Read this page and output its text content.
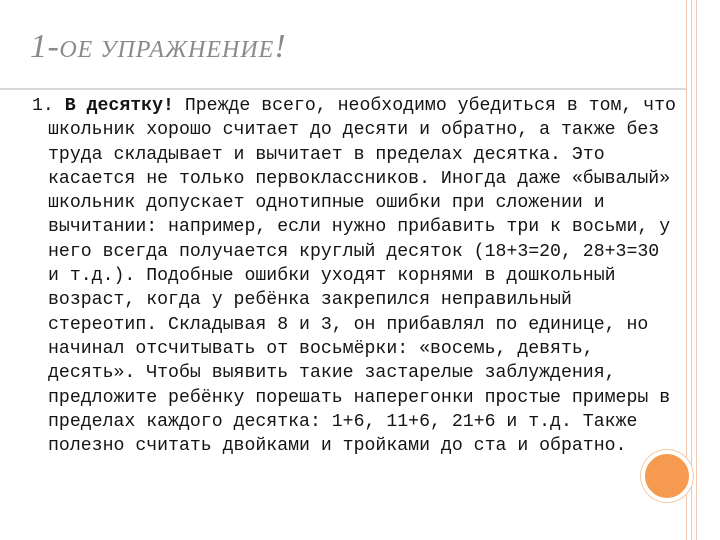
1-ОЕ УПРАЖНЕНИЕ!
1. В десятку! Прежде всего, необходимо убедиться в том, что школьник хорошо считает до десяти и обратно, а также без труда складывает и вычитает в пределах десятка. Это касается не только первоклассников. Иногда даже «бывалый» школьник допускает однотипные ошибки при сложении и вычитании: например, если нужно прибавить три к восьми, у него всегда получается круглый десяток (18+3=20, 28+3=30 и т.д.). Подобные ошибки уходят корнями в дошкольный возраст, когда у ребёнка закрепился неправильный стереотип. Складывая 8 и 3, он прибавлял по единице, но начинал отсчитывать от восьмёрки: «восемь, девять, десять». Чтобы выявить такие застарелые заблуждения, предложите ребёнку порешать наперегонки простые примеры в пределах каждого десятка: 1+6, 11+6, 21+6 и т.д. Также полезно считать двойками и тройками до ста и обратно.
